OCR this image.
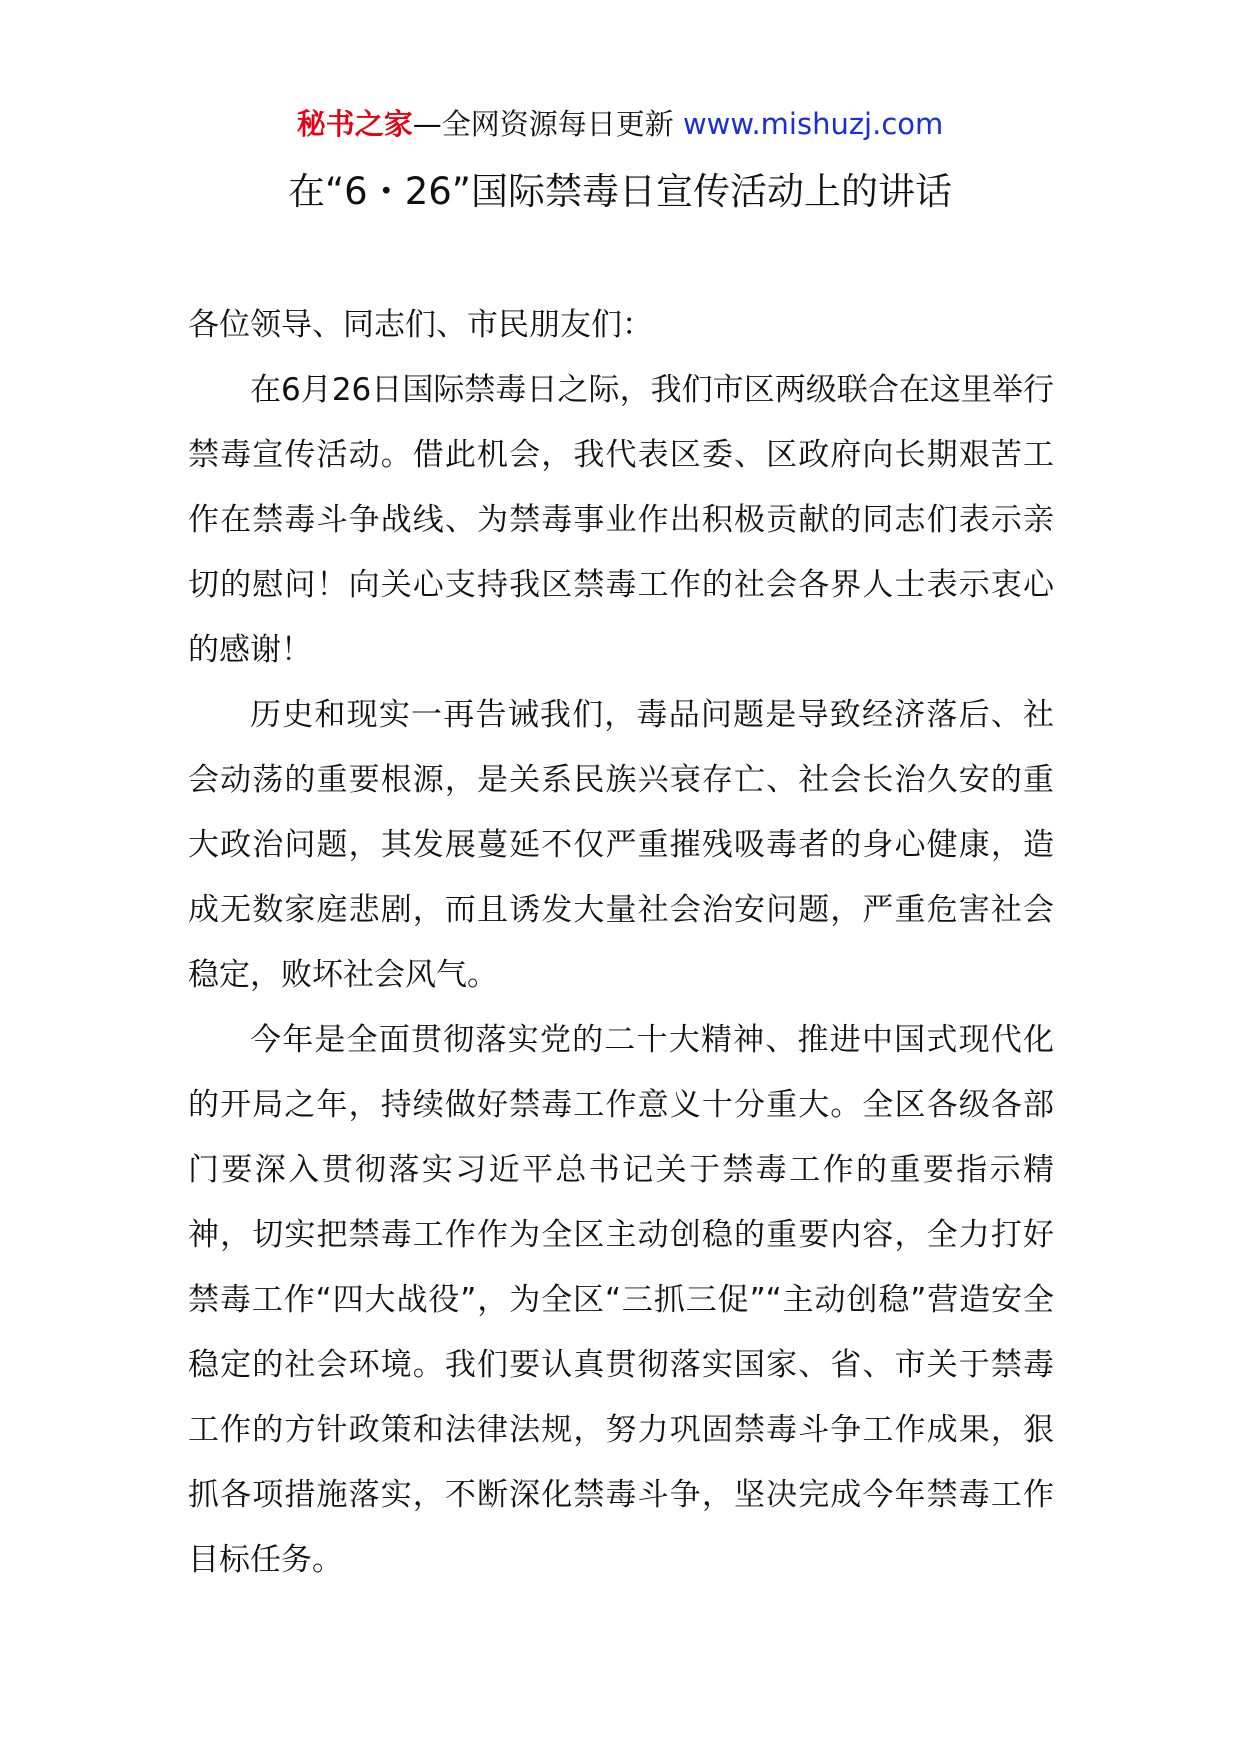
秘书之家—全网资源每日更新 www.mishuzj.com
在“6・26”国际禁毒日宣传活动上的讲话

各位领导、同志们、市民朋友们：

在6月26日国际禁毒日之际，我们市区两级联合在这里举行禁毒宣传活动。借此机会，我代表区委、区政府向长期艰苦工作在禁毒斗争战线、为禁毒事业作出积极贡献的同志们表示亲切的慰问！向关心支持我区禁毒工作的社会各界人士表示衷心的感谢！

历史和现实一再告诫我们，毒品问题是导致经济落后、社会动荡的重要根源，是关系民族兴衰存亡、社会长治久安的重大政治问题，其发展蔓延不仅严重摧残吸毒者的身心健康，造成无数家庭悲剧，而且诱发大量社会治安问题，严重危害社会稳定，败坏社会风气。

今年是全面贯彻落实党的二十大精神、推进中国式现代化的开局之年，持续做好禁毒工作意义十分重大。全区各级各部门要深入贯彻落实习近平总书记关于禁毒工作的重要指示精神，切实把禁毒工作作为全区主动创稳的重要内容，全力打好禁毒工作“四大战役”，为全区“三抓三促”“主动创稳”营造安全稳定的社会环境。我们要认真贯彻落实国家、省、市关于禁毒工作的方针政策和法律法规，努力巩固禁毒斗争工作成果，狠抓各项措施落实，不断深化禁毒斗争，坚决完成今年禁毒工作目标任务。
